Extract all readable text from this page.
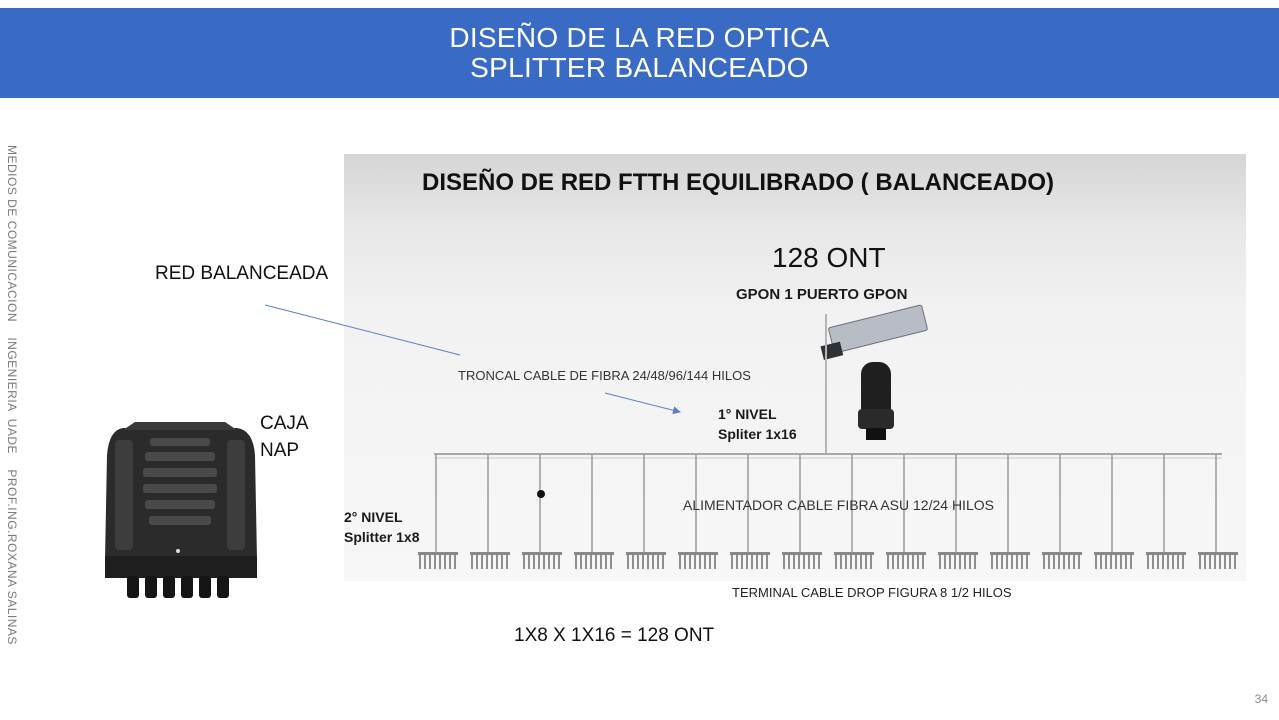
DISEÑO DE LA RED OPTICA
SPLITTER BALANCEADO
MEDIOS DE COMUNICACION    INGENIERIA  UADE    PROF.ING.ROXANA SALINAS	RED BALANCEADA
CAJA
NAP
DISEÑO DE RED FTTH EQUILIBRADO ( BALANCEADO)
128 ONT
GPON 1 PUERTO GPON
TRONCAL CABLE DE FIBRA 24/48/96/144 HILOS
1° NIVEL
Spliter 1x16
ALIMENTADOR CABLE FIBRA ASU 12/24 HILOS
2° NIVEL
Splitter 1x8
TERMINAL CABLE DROP FIGURA 8 1/2 HILOS
1X8 X 1X16 = 128 ONT
34
